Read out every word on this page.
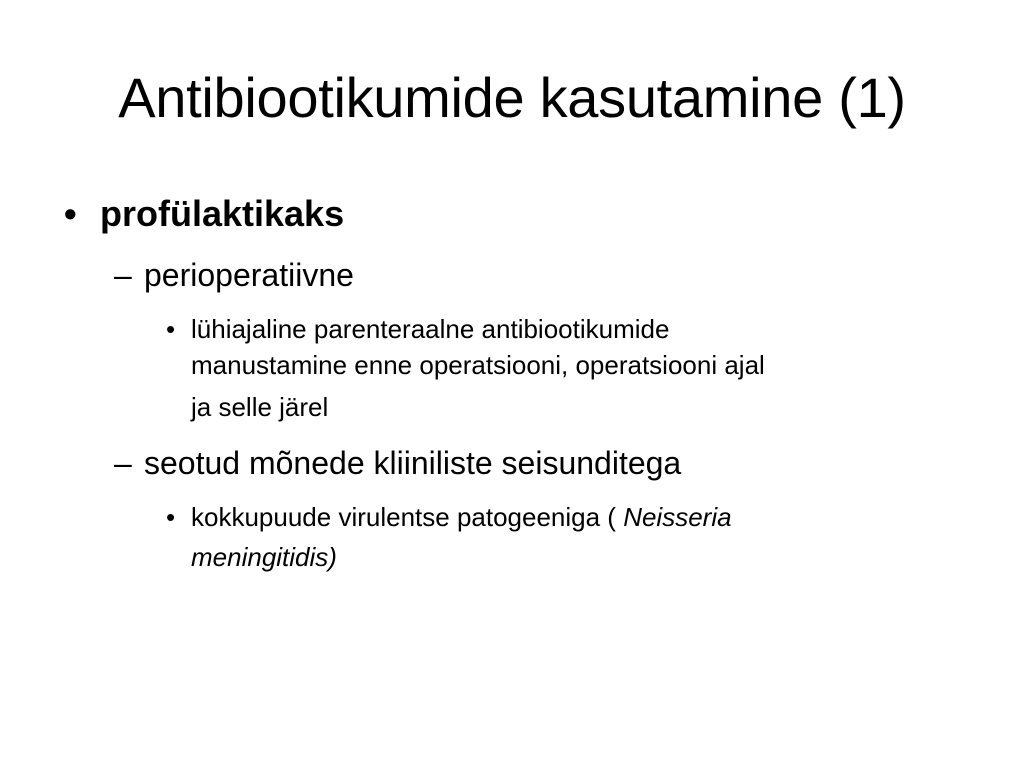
Antibiootikumide kasutamine (1)
• profülaktikaks
– perioperatiivne
• lühiajaline parenteraalne antibiootikumide
manustamine enne operatsiooni, operatsiooni ajal
ja selle järel
– seotud mõnede kliiniliste seisunditega
• kokkupuude virulentse patogeeniga ( Neisseria
meningitidis)
